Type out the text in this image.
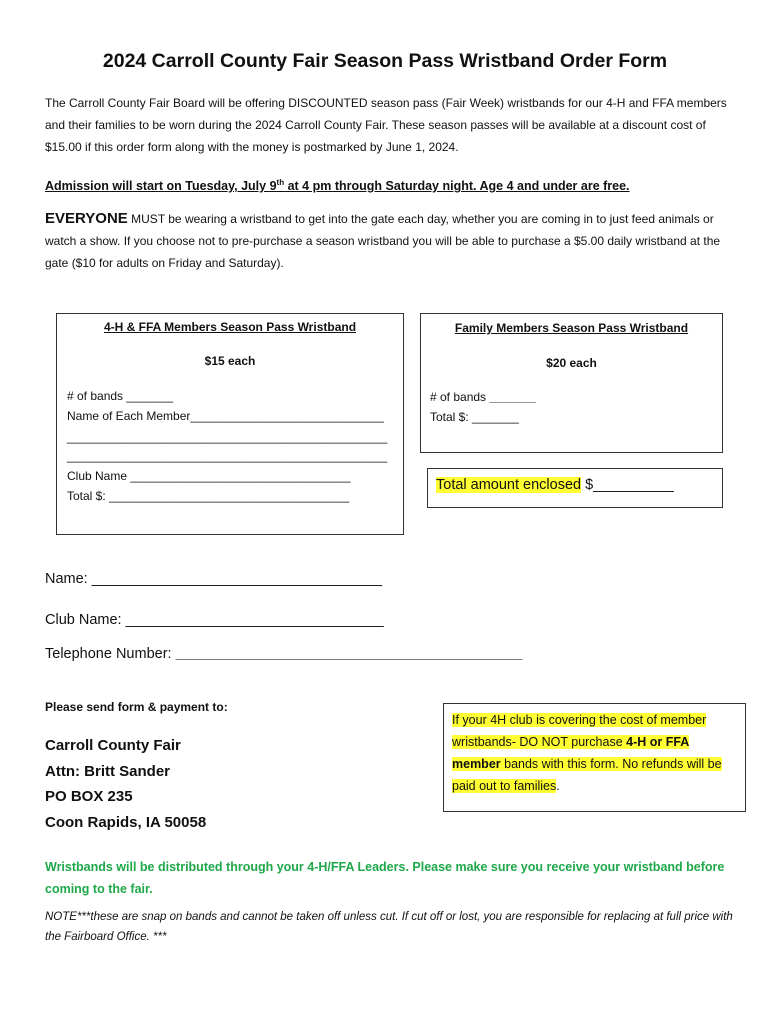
2024 Carroll County Fair Season Pass Wristband Order Form
The Carroll County Fair Board will be offering DISCOUNTED season pass (Fair Week) wristbands for our 4-H and FFA members and their families to be worn during the 2024 Carroll County Fair. These season passes will be available at a discount cost of $15.00 if this order form along with the money is postmarked by June 1, 2024.
Admission will start on Tuesday, July 9th at 4 pm through Saturday night. Age 4 and under are free.
EVERYONE MUST be wearing a wristband to get into the gate each day, whether you are coming in to just feed animals or watch a show. If you choose not to pre-purchase a season wristband you will be able to purchase a $5.00 daily wristband at the gate ($10 for adults on Friday and Saturday).
4-H & FFA Members Season Pass Wristband
$15 each
# of bands _______
Name of Each Member_____________________________
________________________________________________
________________________________________________
Club Name _________________________________
Total $: ____________________________________
Family Members Season Pass Wristband
$20 each
# of bands _______
Total $: _______
Total amount enclosed $__________
Name: ____________________________________
Club Name: ________________________________
Telephone Number: ___________________________________________
Please send form & payment to:
Carroll County Fair
Attn: Britt Sander
PO BOX 235
Coon Rapids, IA 50058
If your 4H club is covering the cost of member wristbands- DO NOT purchase 4-H or FFA member bands with this form. No refunds will be paid out to families.
Wristbands will be distributed through your 4-H/FFA Leaders. Please make sure you receive your wristband before coming to the fair.
NOTE***these are snap on bands and cannot be taken off unless cut. If cut off or lost, you are responsible for replacing at full price with the Fairboard Office. ***
